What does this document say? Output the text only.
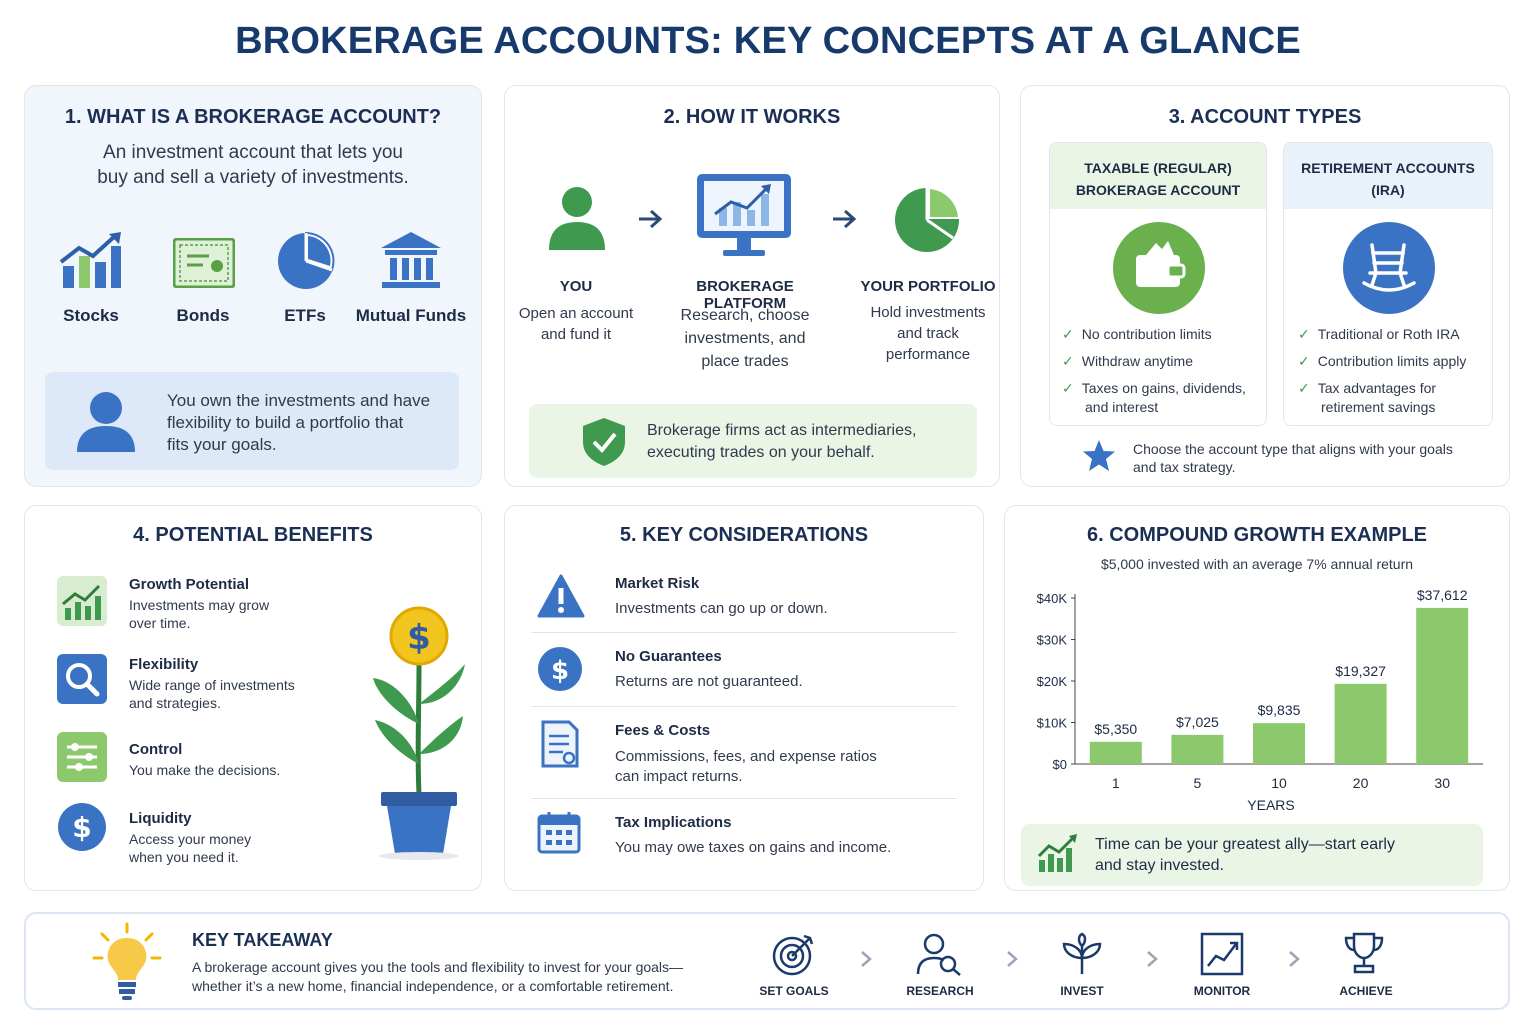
BROKERAGE ACCOUNTS: KEY CONCEPTS AT A GLANCE
1. WHAT IS A BROKERAGE ACCOUNT?
An investment account that lets you
buy and sell a variety of investments.
Stocks	Bonds	ETFs	Mutual Funds
You own the investments and have
flexibility to build a portfolio that
fits your goals.
2. HOW IT WORKS
YOU
Open an account
and fund it
BROKERAGE PLATFORM
Research, choose
investments, and
place trades
YOUR PORTFOLIO
Hold investments
and track
performance
Brokerage firms act as intermediaries,
executing trades on your behalf.
3. ACCOUNT TYPES
TAXABLE (REGULAR)
BROKERAGE ACCOUNT
✓ No contribution limits
✓ Withdraw anytime
✓ Taxes on gains, dividends,
and interest
RETIREMENT ACCOUNTS
(IRA)
✓ Traditional or Roth IRA
✓ Contribution limits apply
✓ Tax advantages for
retirement savings
Choose the account type that aligns with your goals
and tax strategy.
4. POTENTIAL BENEFITS
$
Growth Potential
Investments may grow
over time.
Flexibility
Wide range of investments
and strategies.
Control
You make the decisions.
Liquidity
Access your money
when you need it.
$
5. KEY CONSIDERATIONS
$
Market Risk
Investments can go up or down.
No Guarantees
Returns are not guaranteed.
Fees & Costs
Commissions, fees, and expense ratios
can impact returns.
Tax Implications
You may owe taxes on gains and income.
6. COMPOUND GROWTH EXAMPLE
$5,000 invested with an average 7% annual return
$0
$10K
$20K
$30K
$40K
$5,350
1
$7,025
5
$9,835
10
$19,327
20
$37,612
30
YEARS
Time can be your greatest ally—start early
and stay invested.
KEY TAKEAWAY
A brokerage account gives you the tools and flexibility to invest for your goals—
whether it’s a new home, financial independence, or a comfortable retirement.	SET GOALS	RESEARCH	INVEST	MONITOR	ACHIEVE
